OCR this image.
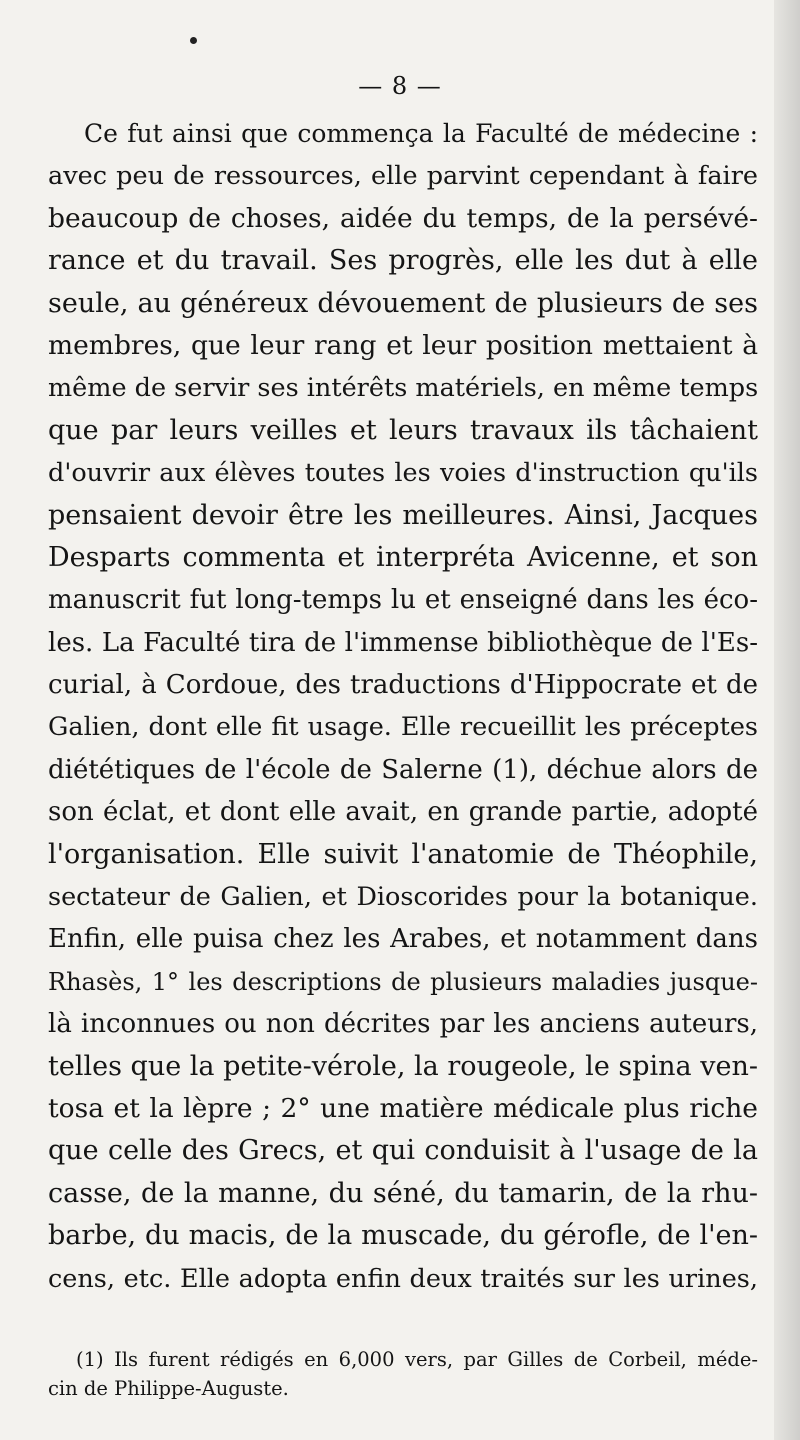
— 8 —
Ce fut ainsi que commença la Faculté de médecine :
avec peu de ressources, elle parvint cependant à faire
beaucoup de choses, aidée du temps, de la persévé-
rance et du travail. Ses progrès, elle les dut à elle
seule, au généreux dévouement de plusieurs de ses
membres, que leur rang et leur position mettaient à
même de servir ses intérêts matériels, en même temps
que par leurs veilles et leurs travaux ils tâchaient
d'ouvrir aux élèves toutes les voies d'instruction qu'ils
pensaient devoir être les meilleures. Ainsi, Jacques
Desparts commenta et interpréta Avicenne, et son
manuscrit fut long-temps lu et enseigné dans les éco-
les. La Faculté tira de l'immense bibliothèque de l'Es-
curial, à Cordoue, des traductions d'Hippocrate et de
Galien, dont elle fit usage. Elle recueillit les préceptes
diététiques de l'école de Salerne (1), déchue alors de
son éclat, et dont elle avait, en grande partie, adopté
l'organisation. Elle suivit l'anatomie de Théophile,
sectateur de Galien, et Dioscorides pour la botanique.
Enfin, elle puisa chez les Arabes, et notamment dans
Rhasès, 1° les descriptions de plusieurs maladies jusque-
là inconnues ou non décrites par les anciens auteurs,
telles que la petite-vérole, la rougeole, le spina ven-
tosa et la lèpre ; 2° une matière médicale plus riche
que celle des Grecs, et qui conduisit à l'usage de la
casse, de la manne, du séné, du tamarin, de la rhu-
barbe, du macis, de la muscade, du gérofle, de l'en-
cens, etc. Elle adopta enfin deux traités sur les urines,
(1) Ils furent rédigés en 6,000 vers, par Gilles de Corbeil, méde-
cin de Philippe-Auguste.
